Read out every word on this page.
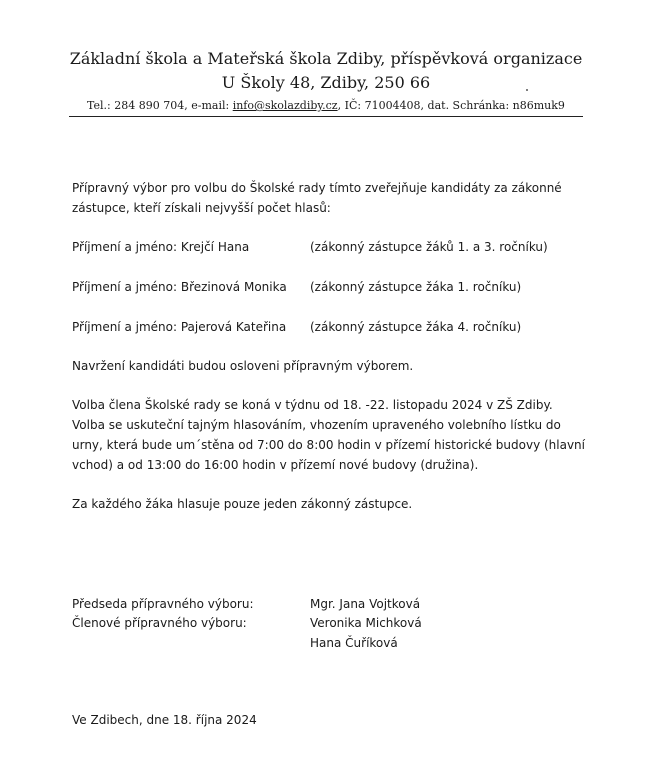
Základní škola a Mateřská škola Zdiby, příspěvková organizace
U Školy 48, Zdiby, 250 66
Tel.: 284 890 704, e-mail: info@skolazdiby.cz, IČ: 71004408, dat. Schránka: n86muk9
Přípravný výbor pro volbu do Školské rady tímto zveřejňuje kandidáty za zákonné zástupce, kteří získali nejvyšší počet hlasů:
Příjmení a jméno: Krejčí Hana	(zákonný zástupce žáků 1. a 3. ročníku)
Příjmení a jméno: Březinová Monika (zákonný zástupce žáka 1. ročníku)
Příjmení a jméno: Pajerová Kateřina (zákonný zástupce žáka 4. ročníku)
Navržení kandidáti budou osloveni přípravným výborem.
Volba člena Školské rady se koná v týdnu od 18. -22. listopadu 2024 v ZŠ Zdiby.
Volba se uskuteční tajným hlasováním, vhozením upraveného volebního lístku do urny, která bude um´stěna od 7:00 do 8:00 hodin v přízemí historické budovy (hlavní vchod) a od 13:00 do 16:00 hodin v přízemí nové budovy (družina).
Za každého žáka hlasuje pouze jeden zákonný zástupce.
Předseda přípravného výboru:	Mgr. Jana Vojtková
Členové přípravného výboru:	Veronika Michková
Hana Čuříková
Ve Zdibech, dne 18. října 2024
